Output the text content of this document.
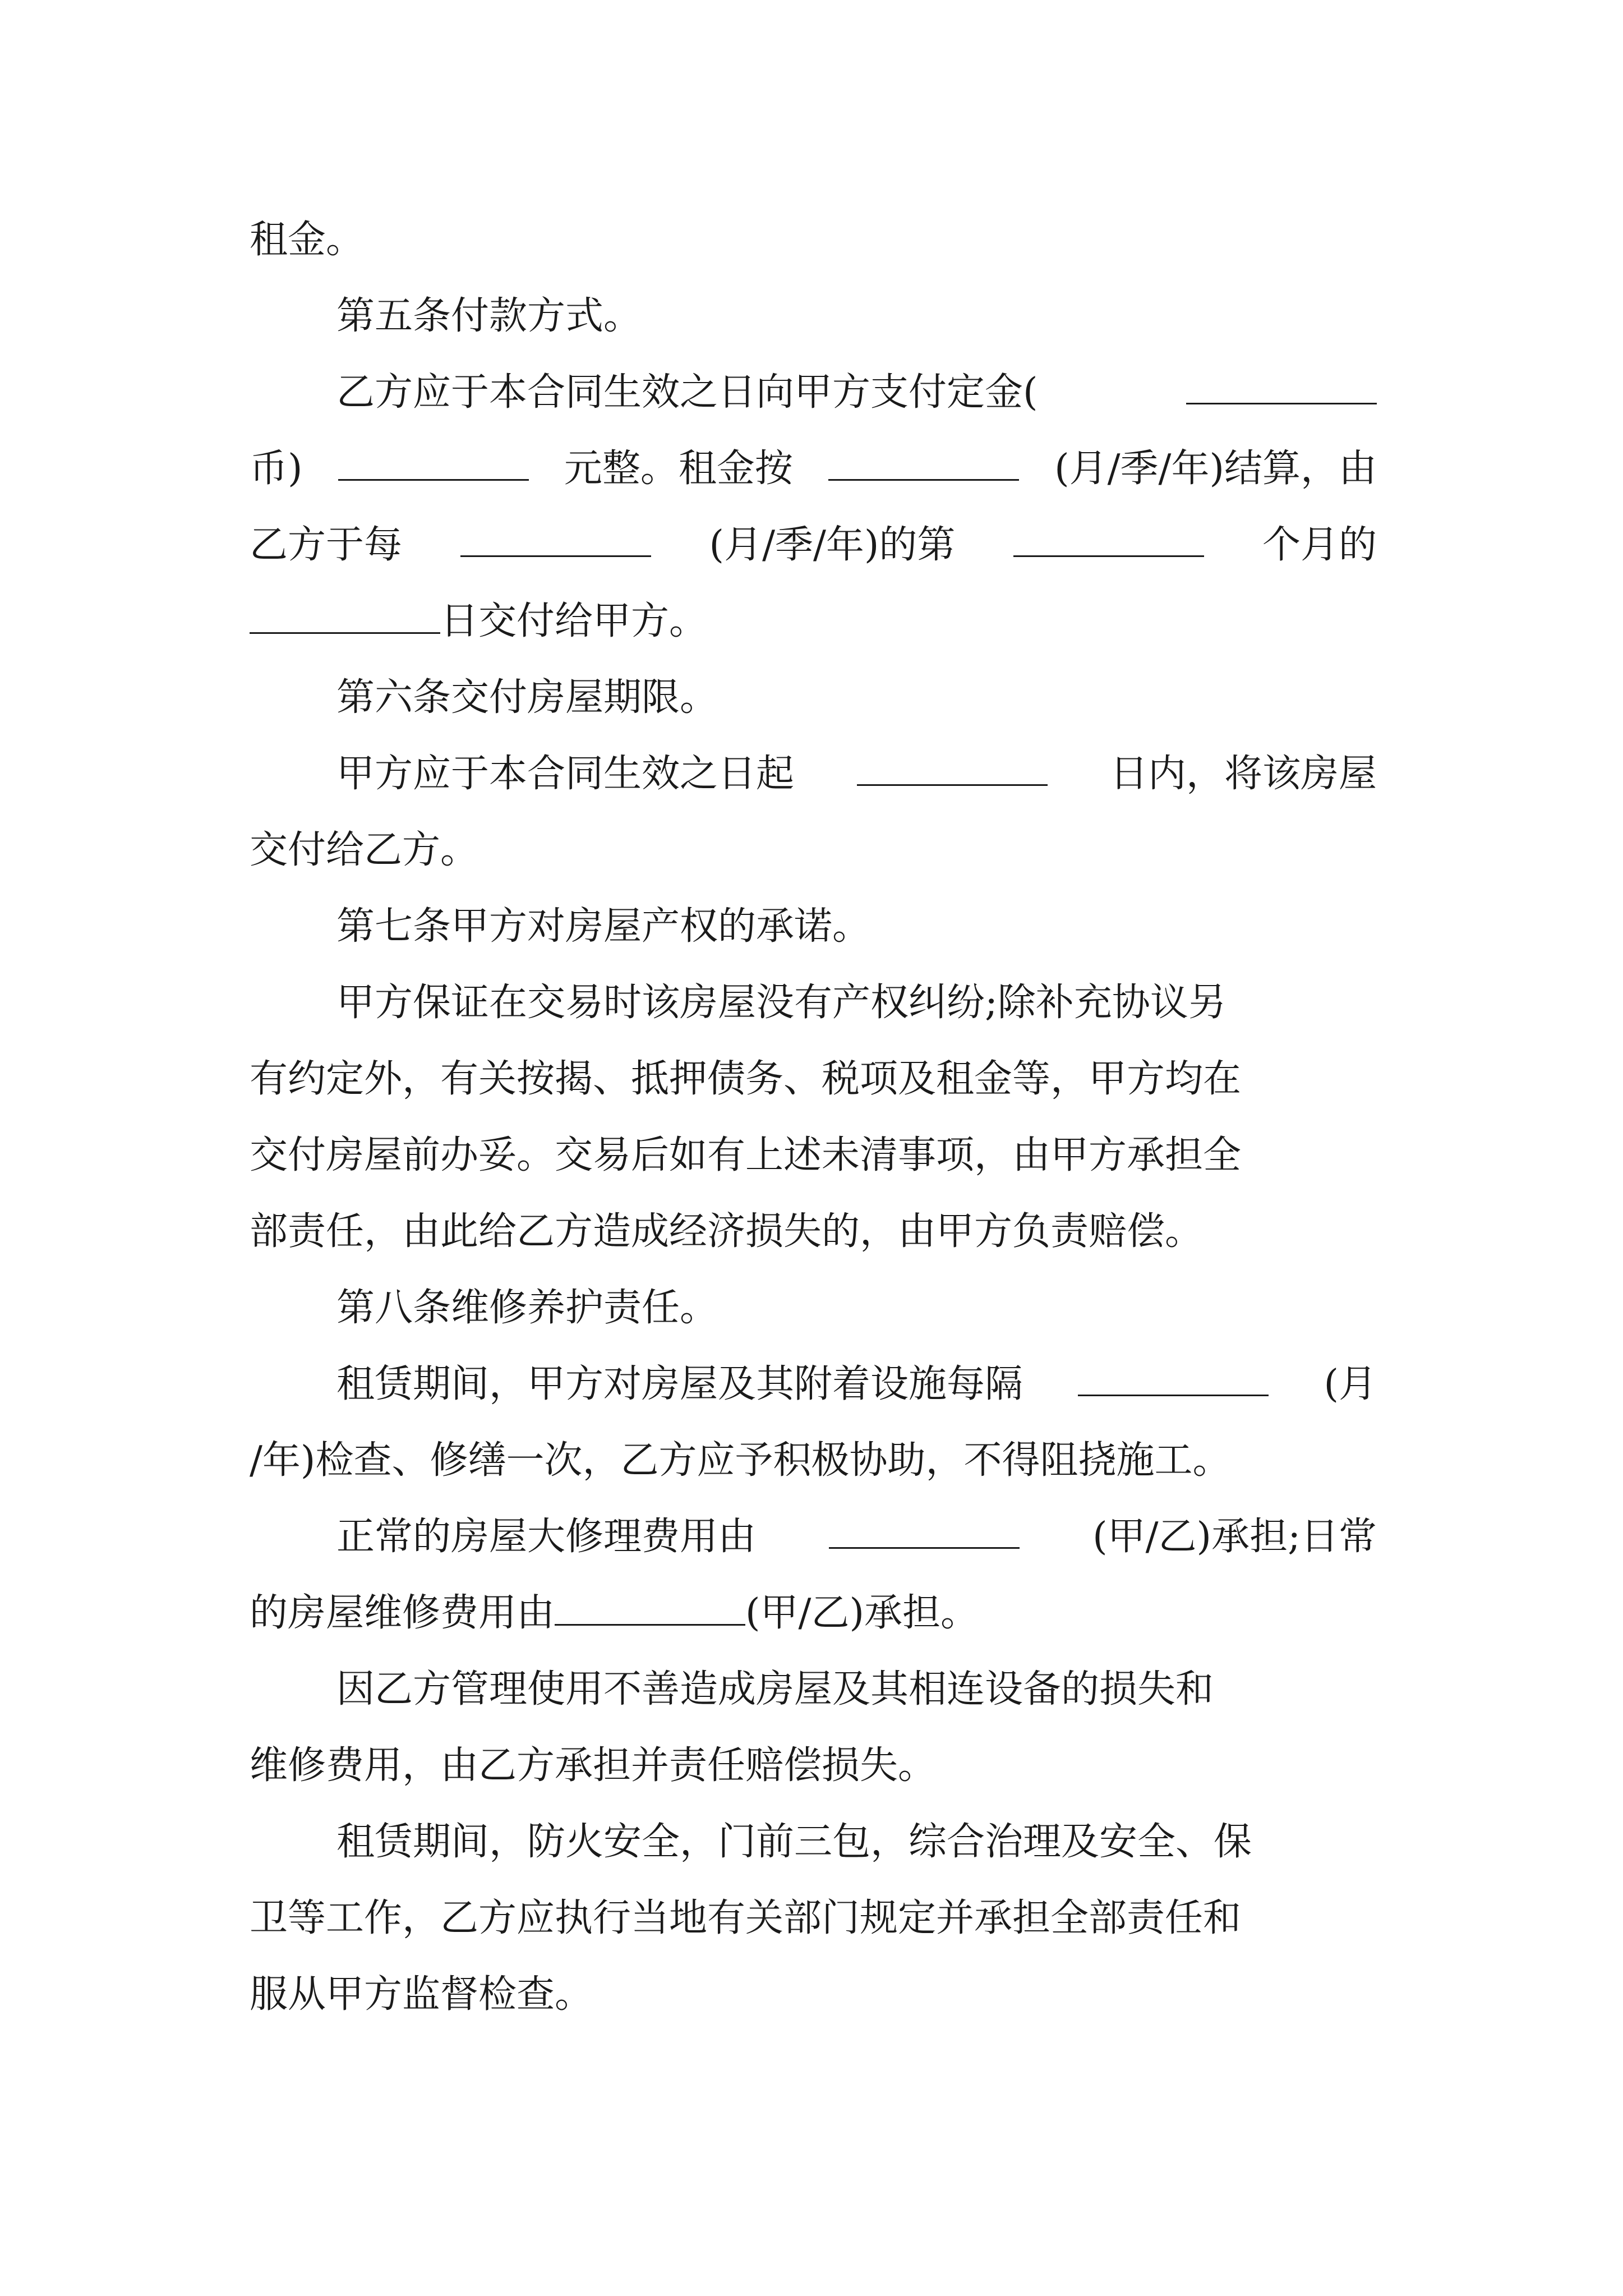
租金。
第五条付款方式。
乙方应于本合同生效之日向甲方支付定金(
币)	元整。租金按	(月/季/年)结算，由
乙方于每	(月/季/年)的第	个月的
日交付给甲方。
第六条交付房屋期限。
甲方应于本合同生效之日起	日内，将该房屋
交付给乙方。
第七条甲方对房屋产权的承诺。
甲方保证在交易时该房屋没有产权纠纷;除补充协议另
有约定外，有关按揭、抵押债务、税项及租金等，甲方均在
交付房屋前办妥。交易后如有上述未清事项，由甲方承担全
部责任，由此给乙方造成经济损失的，由甲方负责赔偿。
第八条维修养护责任。
租赁期间，甲方对房屋及其附着设施每隔	(月
/年)检查、修缮一次，乙方应予积极协助，不得阻挠施工。
正常的房屋大修理费用由	(甲/乙)承担;日常
的房屋维修费用由	(甲/乙)承担。
因乙方管理使用不善造成房屋及其相连设备的损失和
维修费用，由乙方承担并责任赔偿损失。
租赁期间，防火安全，门前三包，综合治理及安全、保
卫等工作，乙方应执行当地有关部门规定并承担全部责任和
服从甲方监督检查。
